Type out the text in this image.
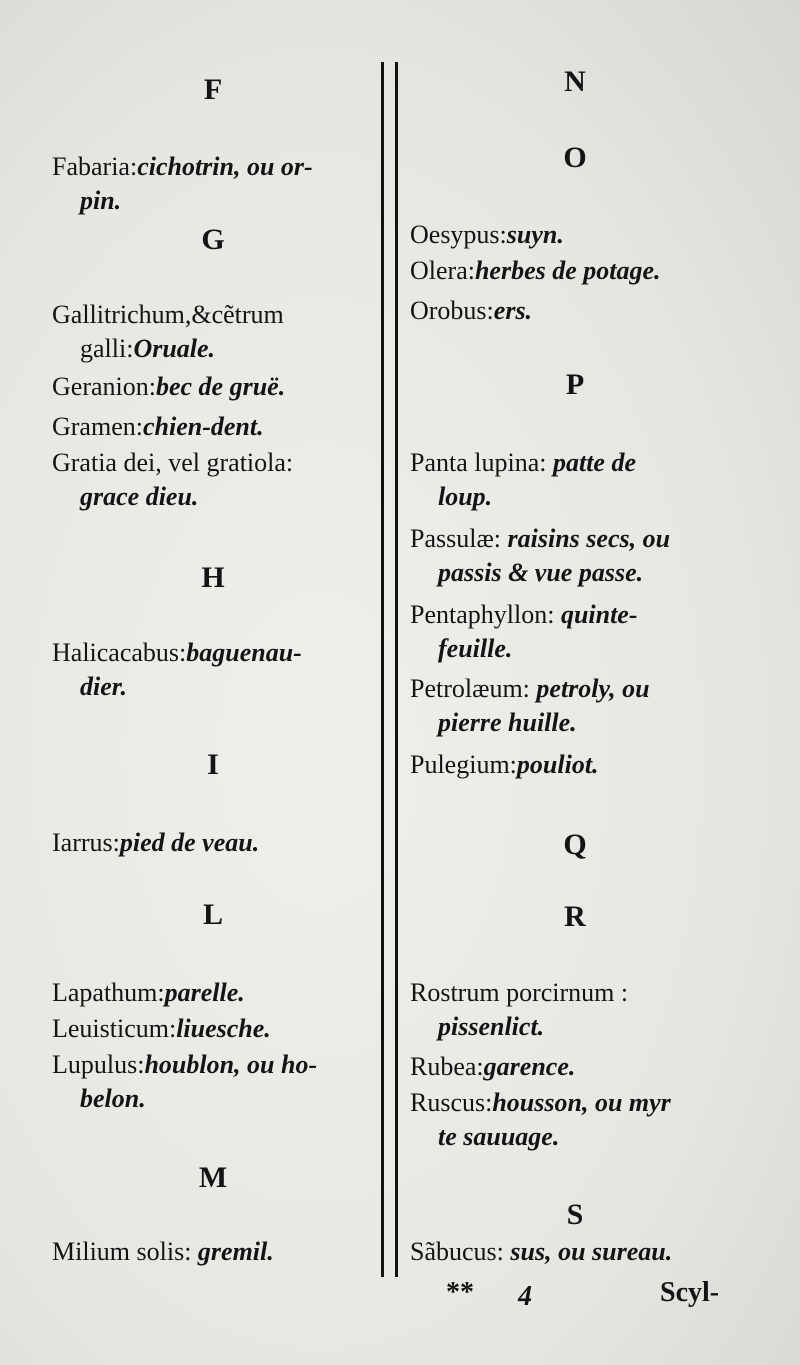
F
Fabaria:cichotrin, ou or-
pin.
G
Gallitrichum,&cẽtrum
galli:Oruale.
Geranion:bec de gruë.
Gramen:chien-dent.
Gratia dei, vel gratiola:
grace dieu.
H
Halicacabus:baguenau-
dier.
I
Iarrus:pied de veau.
L
Lapathum:parelle.
Leuisticum:liuesche.
Lupulus:houblon, ou ho-
belon.
M
Milium solis: gremil.
N
O
Oesypus:suyn.
Olera:herbes de potage.
Orobus:ers.
P
Panta lupina: patte de
loup.
Passulæ: raisins secs, ou
passis & vue passe.
Pentaphyllon: quinte-
feuille.
Petrolæum: petroly, ou
pierre huille.
Pulegium:pouliot.
Q
R
Rostrum porcirnum :
pissenlict.
Rubea:garence.
Ruscus:housson, ou myr
te sauuage.
S
Sãbucus: sus, ou sureau.
** 4	Scyl-
